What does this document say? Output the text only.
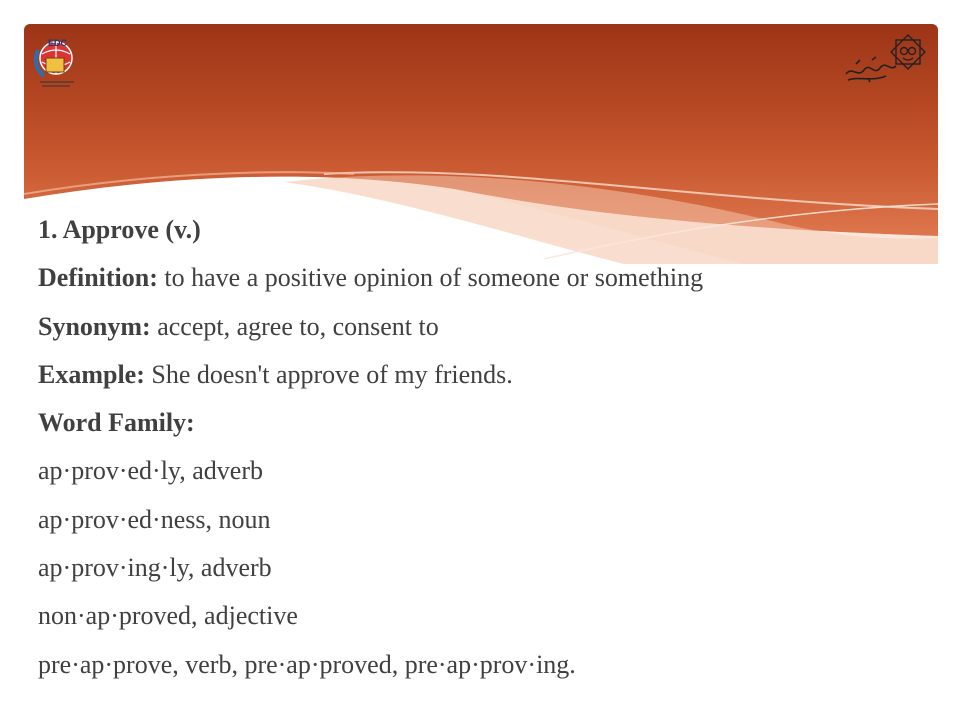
EDC
1. Approve (v.)
Definition: to have a positive opinion of someone or something
Synonym: accept, agree to, consent to
Example: She doesn't approve of my friends.
Word Family:
ap·prov·ed·ly, adverb
ap·prov·ed·ness, noun
ap·prov·ing·ly, adverb
non·ap·proved, adjective
pre·ap·prove, verb, pre·ap·proved, pre·ap·prov·ing.
